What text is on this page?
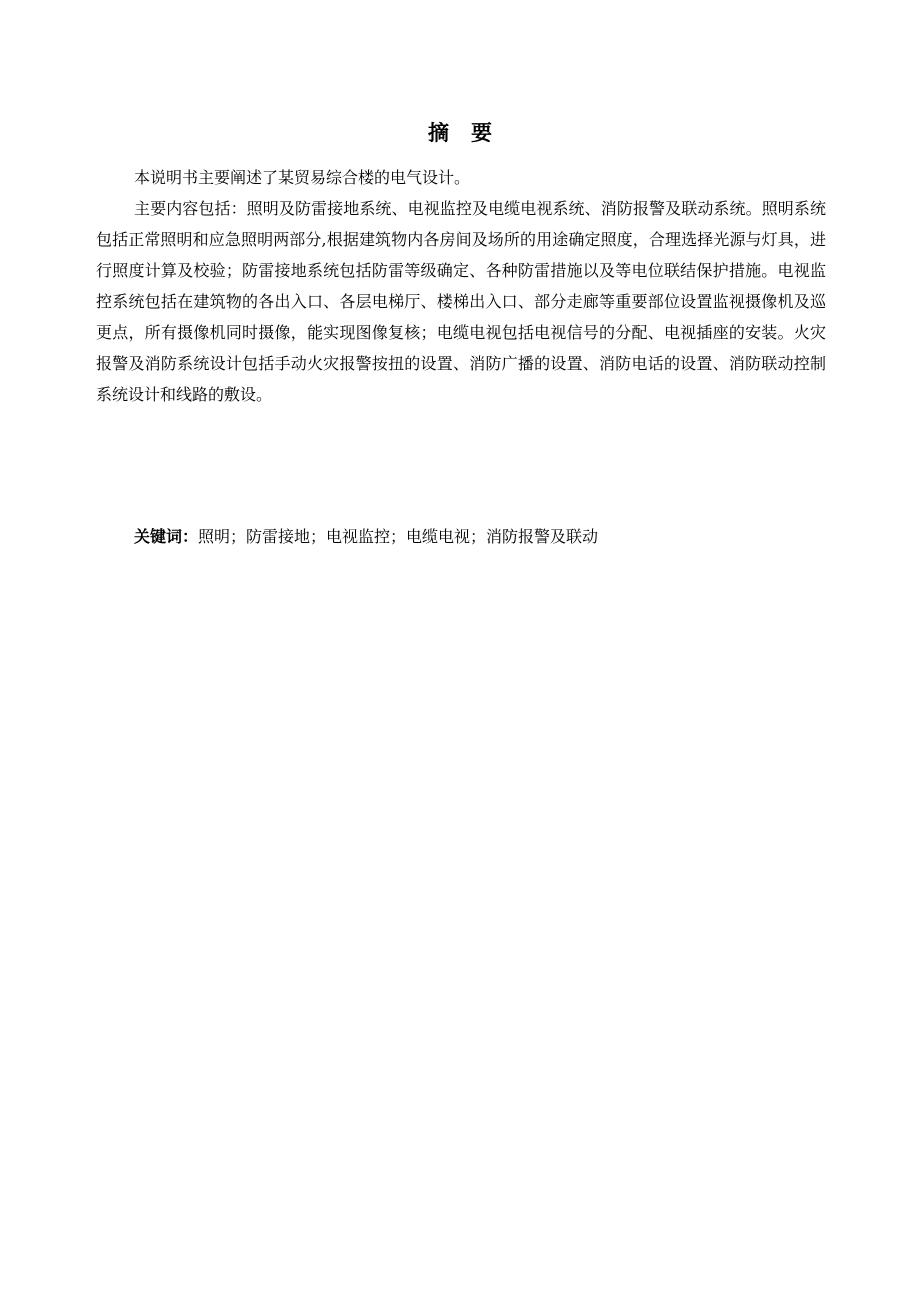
摘 要

本说明书主要阐述了某贸易综合楼的电气设计。

主要内容包括：照明及防雷接地系统、电视监控及电缆电视系统、消防报警及联动系统。照明系统包括正常照明和应急照明两部分,根据建筑物内各房间及场所的用途确定照度，合理选择光源与灯具，进行照度计算及校验；防雷接地系统包括防雷等级确定、各种防雷措施以及等电位联结保护措施。电视监控系统包括在建筑物的各出入口、各层电梯厅、楼梯出入口、部分走廊等重要部位设置监视摄像机及巡更点，所有摄像机同时摄像，能实现图像复核；电缆电视包括电视信号的分配、电视插座的安装。火灾报警及消防系统设计包括手动火灾报警按扭的设置、消防广播的设置、消防电话的设置、消防联动控制系统设计和线路的敷设。

关键词：照明；防雷接地；电视监控；电缆电视；消防报警及联动
